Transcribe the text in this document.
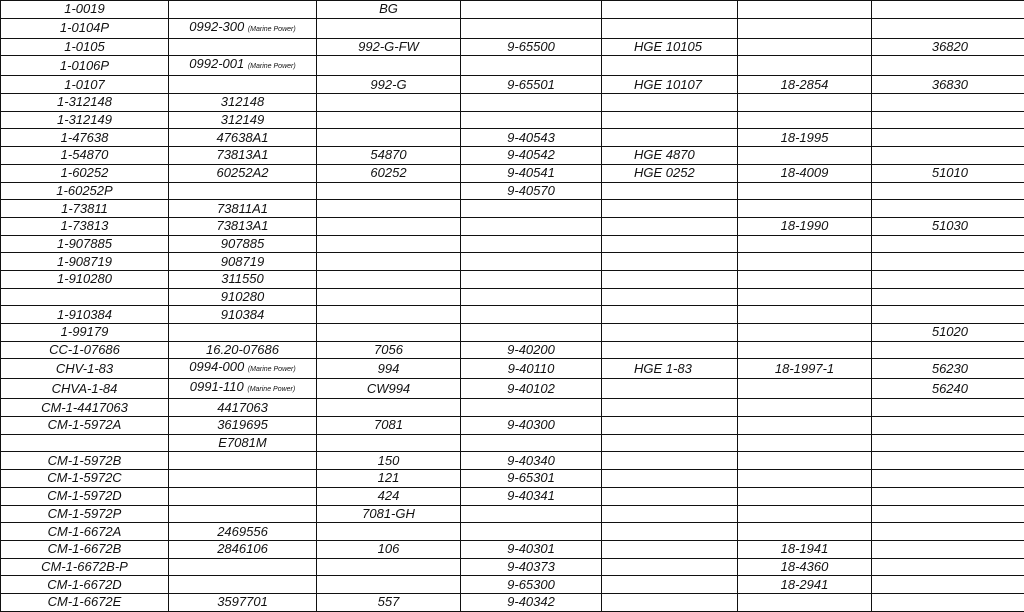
1-0019		BG				
1-0104P	0992-300 (Marine Power)					
1-0105		992-G-FW	9-65500	HGE 10105		36820
1-0106P	0992-001 (Marine Power)					
1-0107		992-G	9-65501	HGE 10107	18-2854	36830
1-312148	312148					
1-312149	312149					
1-47638	47638A1		9-40543		18-1995	
1-54870	73813A1	54870	9-40542	HGE 4870		
1-60252	60252A2	60252	9-40541	HGE 0252	18-4009	51010
1-60252P			9-40570			
1-73811	73811A1					
1-73813	73813A1				18-1990	51030
1-907885	907885					
1-908719	908719					
1-910280	311550					
	910280					
1-910384	910384					
1-99179						51020
CC-1-07686	16.20-07686	7056	9-40200			
CHV-1-83	0994-000 (Marine Power)	994	9-40110	HGE 1-83	18-1997-1	56230
CHVA-1-84	0991-110 (Marine Power)	CW994	9-40102			56240
CM-1-4417063	4417063					
CM-1-5972A	3619695	7081	9-40300			
	E7081M					
CM-1-5972B		150	9-40340			
CM-1-5972C		121	9-65301			
CM-1-5972D		424	9-40341			
CM-1-5972P		7081-GH				
CM-1-6672A	2469556					
CM-1-6672B	2846106	106	9-40301		18-1941	
CM-1-6672B-P			9-40373		18-4360	
CM-1-6672D			9-65300		18-2941	
CM-1-6672E	3597701	557	9-40342			
